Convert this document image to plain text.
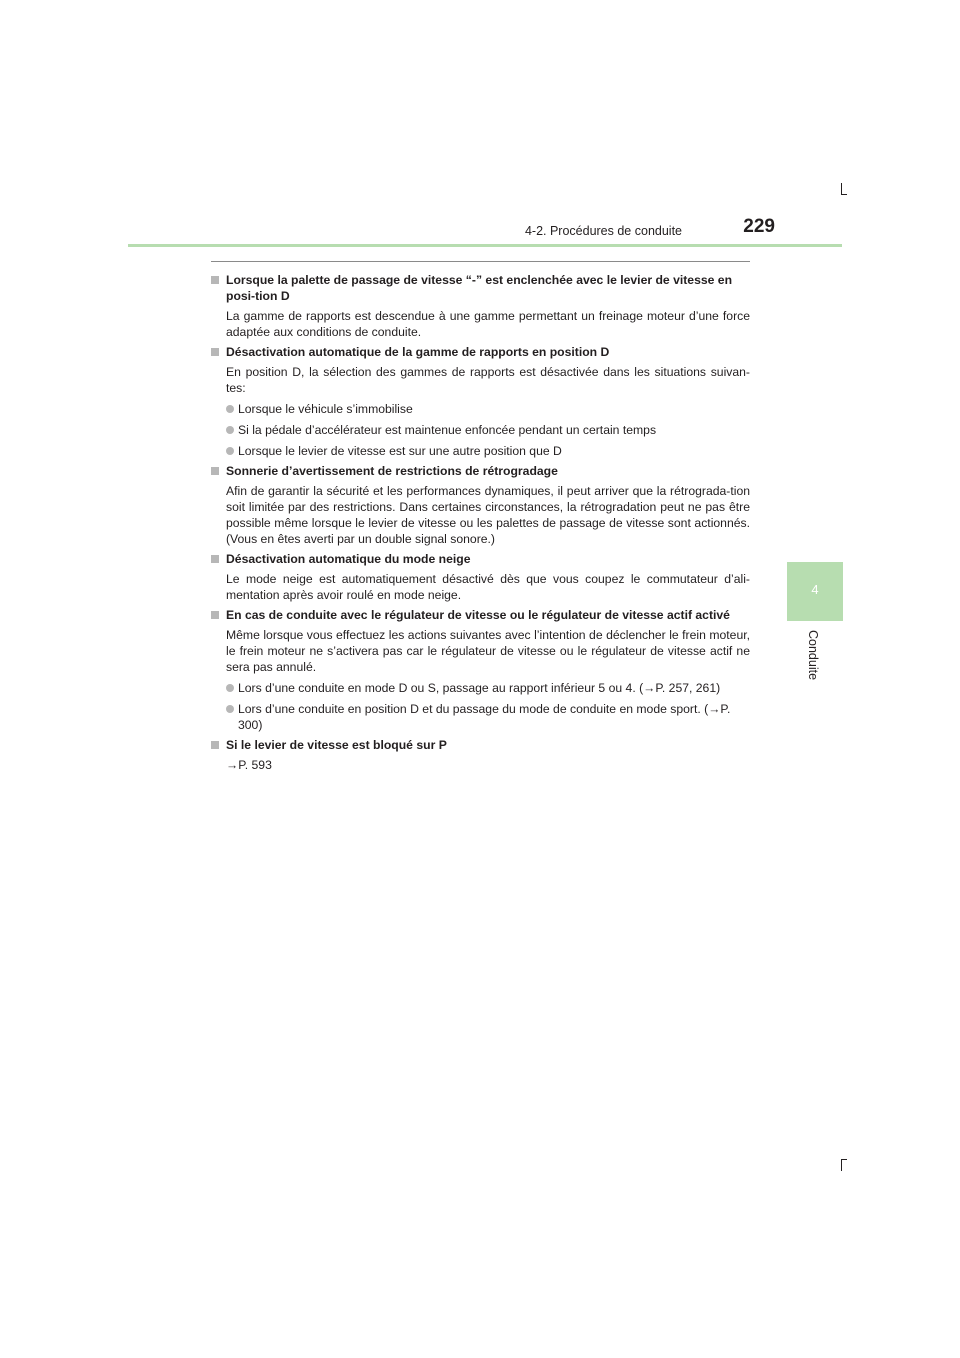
4-2. Procédures de conduite	229
4
Conduite
Lorsque la palette de passage de vitesse “-” est enclenchée avec le levier de vitesse en posi-tion D
La gamme de rapports est descendue à une gamme permettant un freinage moteur d’une force adaptée aux conditions de conduite.
Désactivation automatique de la gamme de rapports en position D
En position D, la sélection des gammes de rapports est désactivée dans les situations suivan-tes:
Lorsque le véhicule s’immobilise
Si la pédale d’accélérateur est maintenue enfoncée pendant un certain temps
Lorsque le levier de vitesse est sur une autre position que D
Sonnerie d’avertissement de restrictions de rétrogradage
Afin de garantir la sécurité et les performances dynamiques, il peut arriver que la rétrograda-tion soit limitée par des restrictions. Dans certaines circonstances, la rétrogradation peut ne pas être possible même lorsque le levier de vitesse ou les palettes de passage de vitesse sont actionnés. (Vous en êtes averti par un double signal sonore.)
Désactivation automatique du mode neige
Le mode neige est automatiquement désactivé dès que vous coupez le commutateur d’ali-mentation après avoir roulé en mode neige.
En cas de conduite avec le régulateur de vitesse ou le régulateur de vitesse actif activé
Même lorsque vous effectuez les actions suivantes avec l’intention de déclencher le frein moteur, le frein moteur ne s’activera pas car le régulateur de vitesse ou le régulateur de vitesse actif ne sera pas annulé.
Lors d’une conduite en mode D ou S, passage au rapport inférieur 5 ou 4. (→P. 257, 261)
Lors d’une conduite en position D et du passage du mode de conduite en mode sport. (→P. 300)
Si le levier de vitesse est bloqué sur P
→P. 593
